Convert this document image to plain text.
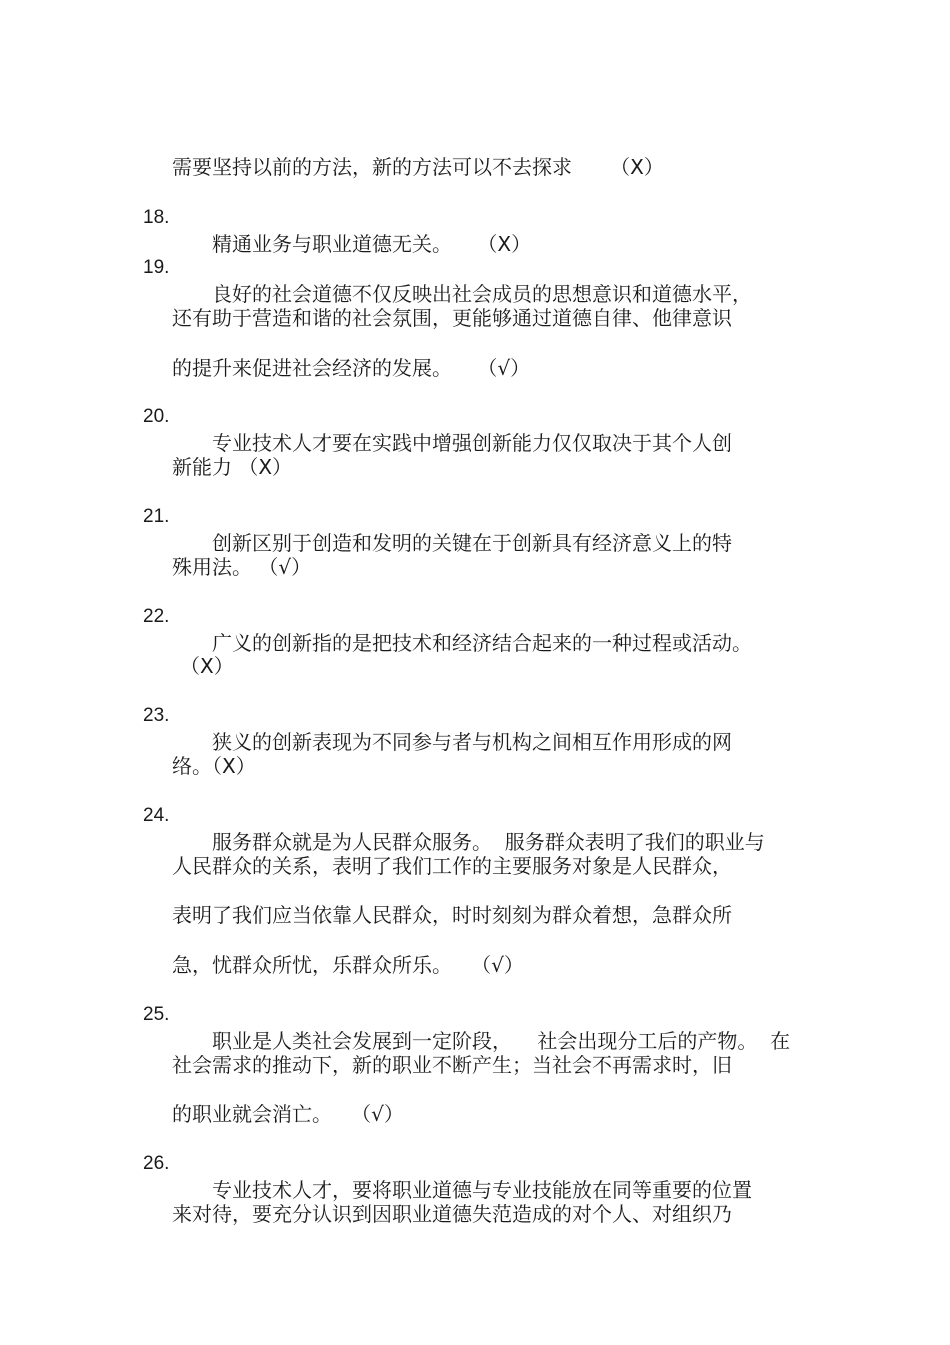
需要坚持以前的方法，新的方法可以不去探求      （X）

18.

精通业务与职业道德无关。    （X）

19.

良好的社会道德不仅反映出社会成员的思想意识和道德水平，

还有助于营造和谐的社会氛围，更能够通过道德自律、他律意识

的提升来促进社会经济的发展。    （√）

20.

专业技术人才要在实践中增强创新能力仅仅取决于其个人创

新能力 （X）

21.

创新区别于创造和发明的关键在于创新具有经济意义上的特

殊用法。 （√）

22.

广义的创新指的是把技术和经济结合起来的一种过程或活动。

（X）

23.

狭义的创新表现为不同参与者与机构之间相互作用形成的网

络。（X）

24.

服务群众就是为人民群众服务。  服务群众表明了我们的职业与

人民群众的关系，表明了我们工作的主要服务对象是人民群众，

表明了我们应当依靠人民群众，时时刻刻为群众着想，急群众所

急，忧群众所忧，乐群众所乐。   （√）

25.

职业是人类社会发展到一定阶段，    社会出现分工后的产物。  在

社会需求的推动下，新的职业不断产生；当社会不再需求时，旧

的职业就会消亡。   （√）

26.

专业技术人才，要将职业道德与专业技能放在同等重要的位置

来对待，要充分认识到因职业道德失范造成的对个人、对组织乃
